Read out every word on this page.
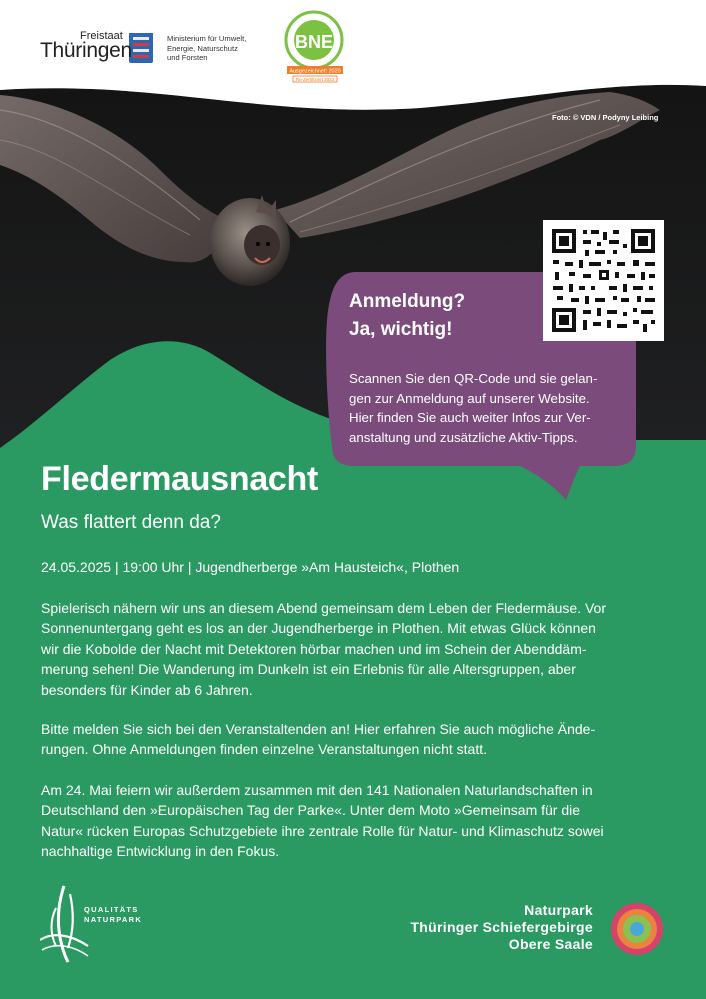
BNE
Ausgezeichnet! 2020
Re-Zertifiziert 2023
Freistaat
Thüringen
Ministerium für Umwelt,
Energie, Naturschutz
und Forsten
Foto: © VDN / Podyny Leibing
Anmeldung?
Ja, wichtig!
Scannen Sie den QR-Code und sie gelan-
gen zur Anmeldung auf unserer Website.
Hier finden Sie auch weiter Infos zur Ver-
anstaltung und zusätzliche Aktiv-Tipps.
Fledermausnacht
Was flattert denn da?
24.05.2025 | 19:00 Uhr | Jugendherberge »Am Hausteich«, Plothen
Spielerisch nähern wir uns an diesem Abend gemeinsam dem Leben der Fledermäuse. Vor
Sonnenuntergang geht es los an der Jugendherberge in Plothen. Mit etwas Glück können
wir die Kobolde der Nacht mit Detektoren hörbar machen und im Schein der Abenddäm-
merung sehen! Die Wanderung im Dunkeln ist ein Erlebnis für alle Altersgruppen, aber
besonders für Kinder ab 6 Jahren.
Bitte melden Sie sich bei den Veranstaltenden an! Hier erfahren Sie auch mögliche Ände-
rungen. Ohne Anmeldungen finden einzelne Veranstaltungen nicht statt.
Am 24. Mai feiern wir außerdem zusammen mit den 141 Nationalen Naturlandschaften in
Deutschland den »Europäischen Tag der Parke«. Unter dem Moto »Gemeinsam für die
Natur« rücken Europas Schutzgebiete ihre zentrale Rolle für Natur- und Klimaschutz sowei
nachhaltige Entwicklung in den Fokus.
QUALITÄTS
NATURPARK
Naturpark
Thüringer Schiefergebirge
Obere Saale
